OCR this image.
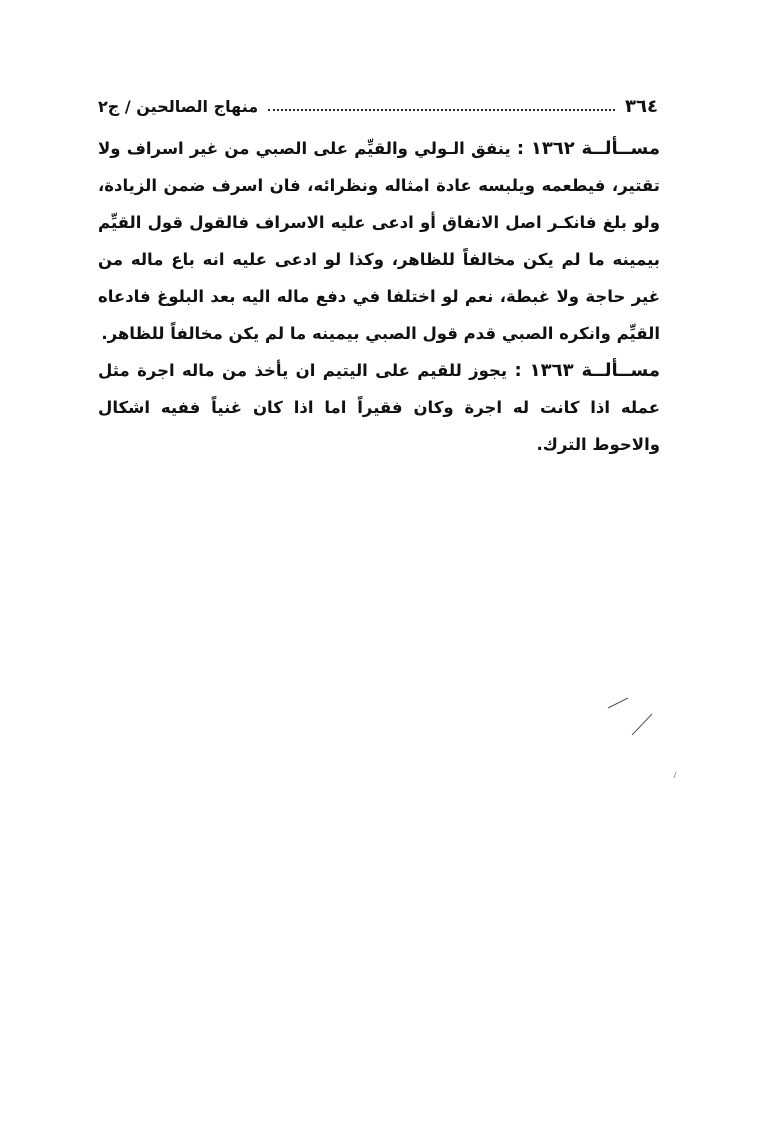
٣٦٤
منهاج الصالحين / ج٢

مســألــة ١٣٦٢ : ينفق الـولي والقيِّم على الصبي من غير اسراف ولا تقتير، فيطعمه ويلبسه عادة امثاله ونظرائه، فان اسرف ضمن الزيادة، ولو بلغ فانكـر اصل الانفاق أو ادعى عليه الاسراف فالقول قول القيِّم بيمينه ما لم يكن مخالفاً للظاهر، وكذا لو ادعى عليه انه باع ماله من غير حاجة ولا غبطة، نعم لو اختلفا في دفع ماله اليه بعد البلوغ فادعاه القيِّم وانكره الصبي قدم قول الصبي بيمينه ما لم يكن مخالفاً للظاهر.

مســألــة ١٣٦٣ : يجوز للقيم على اليتيم ان يأخذ من ماله اجرة مثل عمله اذا كانت له اجرة وكان فقيراً اما اذا كان غنياً ففيه اشكال والاحوط الترك.
